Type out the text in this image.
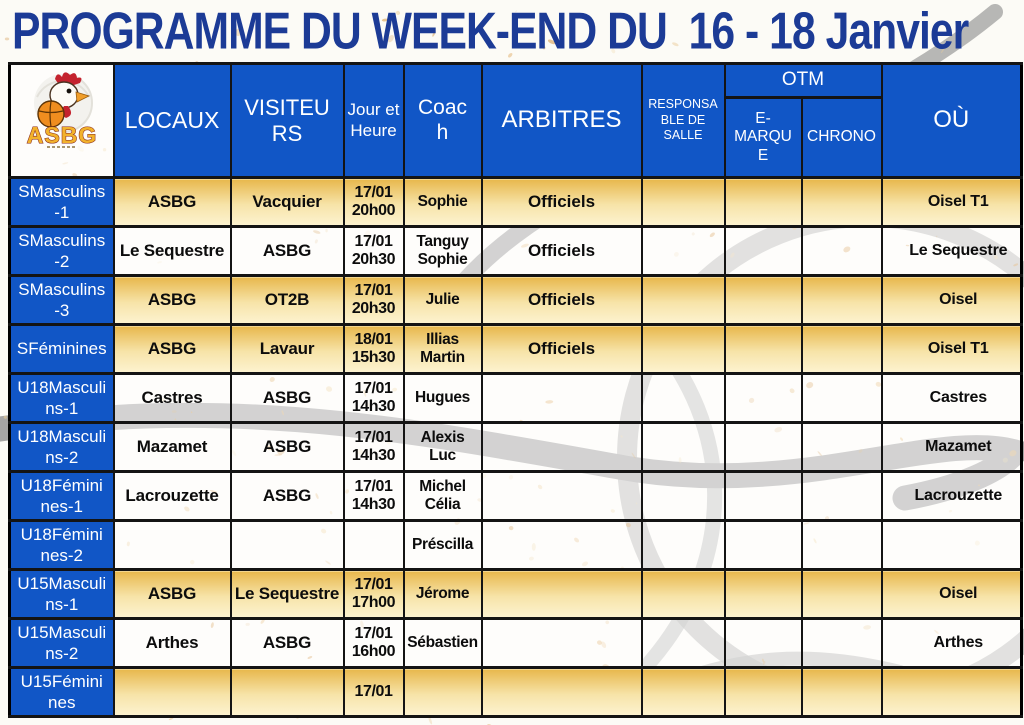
PROGRAMME DU WEEK-END DU  16 - 18 Janvier
ASBG	LOCAUX	VISITEURS	Jour et Heure	Coach	ARBITRES	RESPONSABLE DE SALLE	OTM		OÙ
							E-MARQUE	CHRONO	
SMasculins-1	ASBG	Vacquier	17/01 20h00	Sophie	Officiels				Oisel T1
SMasculins-2	Le Sequestre	ASBG	17/01 20h30	Tanguy Sophie	Officiels				Le Sequestre
SMasculins-3	ASBG	OT2B	17/01 20h30	Julie	Officiels				Oisel
SFéminines	ASBG	Lavaur	18/01 15h30	Illias Martin	Officiels				Oisel T1
U18Masculins-1	Castres	ASBG	17/01 14h30	Hugues					Castres
U18Masculins-2	Mazamet	ASBG	17/01 14h30	Alexis Luc					Mazamet
U18Féminines-1	Lacrouzette	ASBG	17/01 14h30	Michel Célia					Lacrouzette
U18Féminines-2				Préscilla					
U15Masculins-1	ASBG	Le Sequestre	17/01 17h00	Jérome					Oisel
U15Masculins-2	Arthes	ASBG	17/01 16h00	Sébastien					Arthes
U15Féminines			17/01						
